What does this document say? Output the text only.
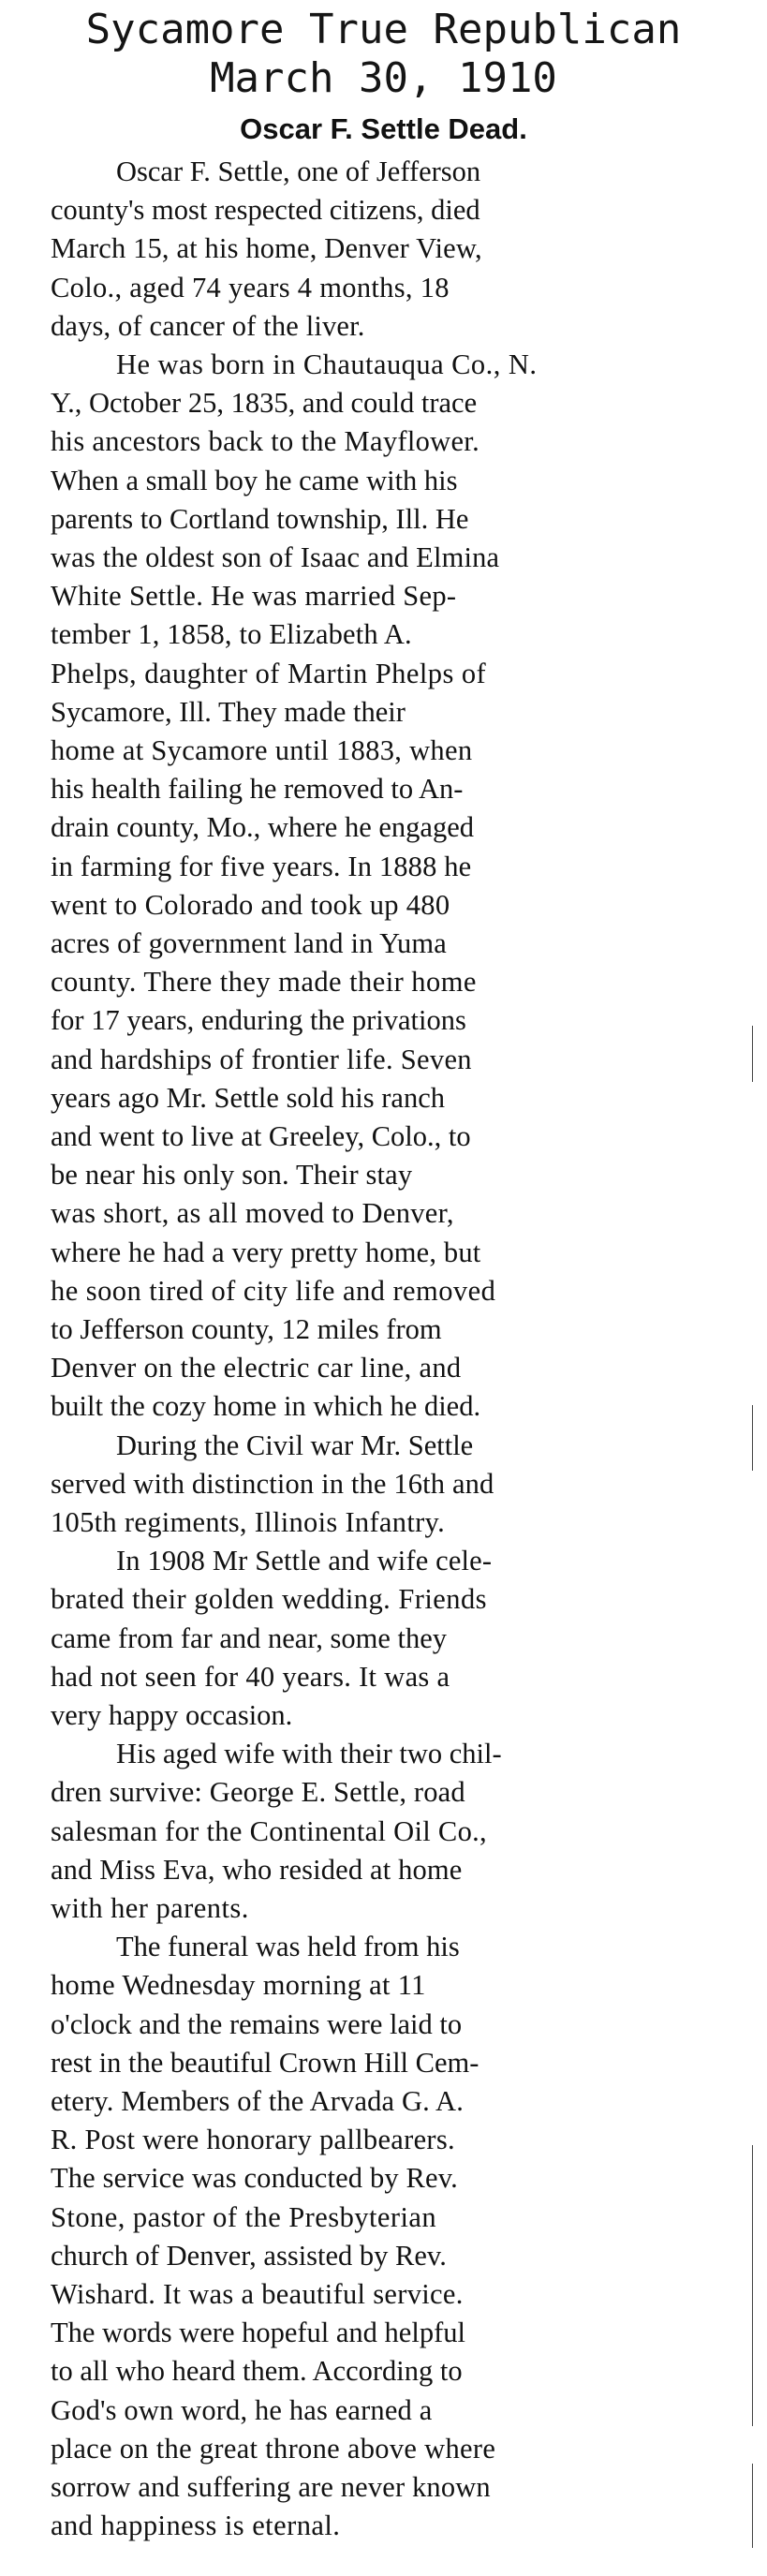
Sycamore True Republican
March 30, 1910
Oscar F. Settle Dead.
Oscar F. Settle, one of Jefferson
county's most respected citizens, died
March 15, at his home, Denver View,
Colo., aged 74 years 4 months, 18
days, of cancer of the liver.
He was born in Chautauqua Co., N.
Y., October 25, 1835, and could trace
his ancestors back to the Mayflower.
When a small boy he came with his
parents to Cortland township, Ill. He
was the oldest son of Isaac and Elmina
White Settle. He was married Sep-
tember 1, 1858, to Elizabeth A.
Phelps, daughter of Martin Phelps of
Sycamore, Ill. They made their
home at Sycamore until 1883, when
his health failing he removed to An-
drain county, Mo., where he engaged
in farming for five years. In 1888 he
went to Colorado and took up 480
acres of government land in Yuma
county. There they made their home
for 17 years, enduring the privations
and hardships of frontier life. Seven
years ago Mr. Settle sold his ranch
and went to live at Greeley, Colo., to
be near his only son. Their stay
was short, as all moved to Denver,
where he had a very pretty home, but
he soon tired of city life and removed
to Jefferson county, 12 miles from
Denver on the electric car line, and
built the cozy home in which he died.
During the Civil war Mr. Settle
served with distinction in the 16th and
105th regiments, Illinois Infantry.
In 1908 Mr Settle and wife cele-
brated their golden wedding. Friends
came from far and near, some they
had not seen for 40 years. It was a
very happy occasion.
His aged wife with their two chil-
dren survive: George E. Settle, road
salesman for the Continental Oil Co.,
and Miss Eva, who resided at home
with her parents.
The funeral was held from his
home Wednesday morning at 11
o'clock and the remains were laid to
rest in the beautiful Crown Hill Cem-
etery. Members of the Arvada G. A.
R. Post were honorary pallbearers.
The service was conducted by Rev.
Stone, pastor of the Presbyterian
church of Denver, assisted by Rev.
Wishard. It was a beautiful service.
The words were hopeful and helpful
to all who heard them. According to
God's own word, he has earned a
place on the great throne above where
sorrow and suffering are never known
and happiness is eternal.
